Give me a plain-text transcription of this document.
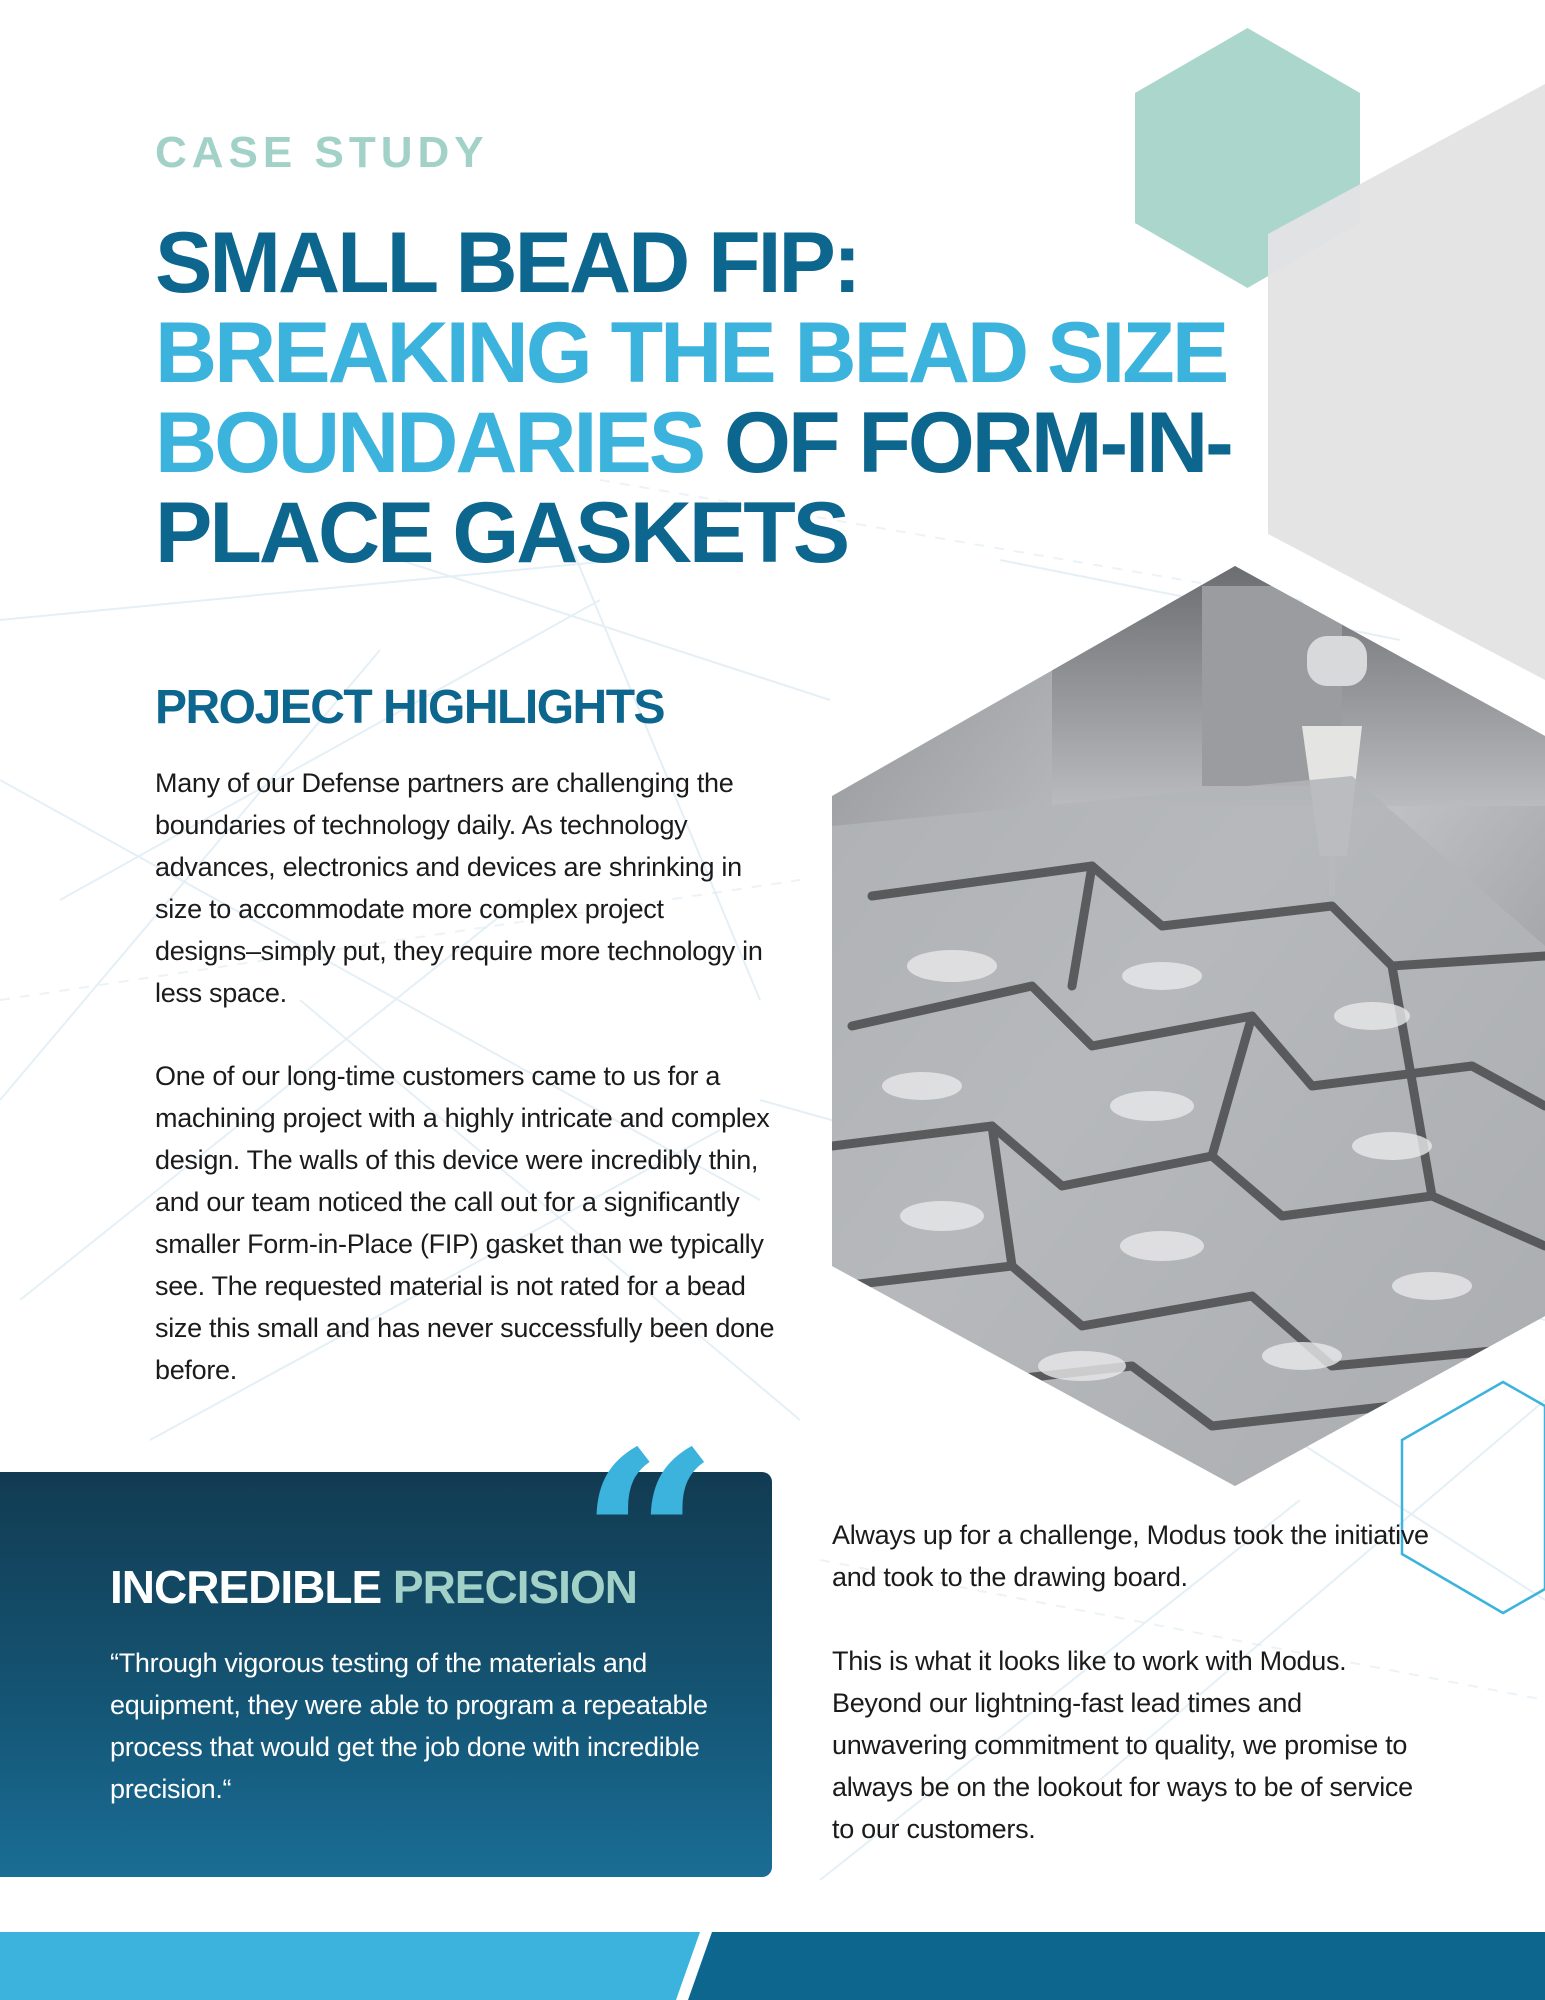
CASE STUDY
SMALL BEAD FIP:
BREAKING THE BEAD SIZE
BOUNDARIES OF FORM-IN-
PLACE GASKETS
PROJECT HIGHLIGHTS

Many of our Defense partners are challenging the boundaries of technology daily. As technology advances, electronics and devices are shrinking in size to accommodate more complex project designs–simply put, they require more technology in less space.

One of our long-time customers came to us for a machining project with a highly intricate and complex design. The walls of this device were incredibly thin, and our team noticed the call out for a significantly smaller Form-in-Place (FIP) gasket than we typically see. The requested material is not rated for a bead size this small and has never successfully been done before.

“
INCREDIBLE PRECISION

“Through vigorous testing of the materials and equipment, they were able to program a repeatable process that would get the job done with incredible precision.“

Always up for a challenge, Modus took the initiative and took to the drawing board.

This is what it looks like to work with Modus. Beyond our lightning-fast lead times and unwavering commitment to quality, we promise to always be on the lookout for ways to be of service to our customers.
